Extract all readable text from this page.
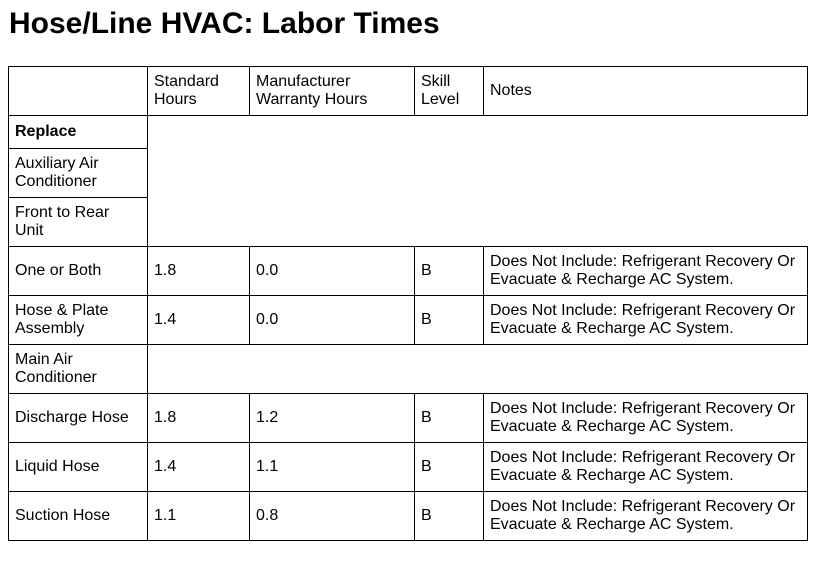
Hose/Line HVAC: Labor Times
	Standard Hours	Manufacturer Warranty Hours	Skill Level	Notes
Replace				
Auxiliary Air Conditioner				
Front to Rear Unit				
One or Both	1.8	0.0	B	Does Not Include: Refrigerant Recovery Or Evacuate & Recharge AC System.
Hose & Plate Assembly	1.4	0.0	B	Does Not Include: Refrigerant Recovery Or Evacuate & Recharge AC System.
Main Air Conditioner				
Discharge Hose	1.8	1.2	B	Does Not Include: Refrigerant Recovery Or Evacuate & Recharge AC System.
Liquid Hose	1.4	1.1	B	Does Not Include: Refrigerant Recovery Or Evacuate & Recharge AC System.
Suction Hose	1.1	0.8	B	Does Not Include: Refrigerant Recovery Or Evacuate & Recharge AC System.
